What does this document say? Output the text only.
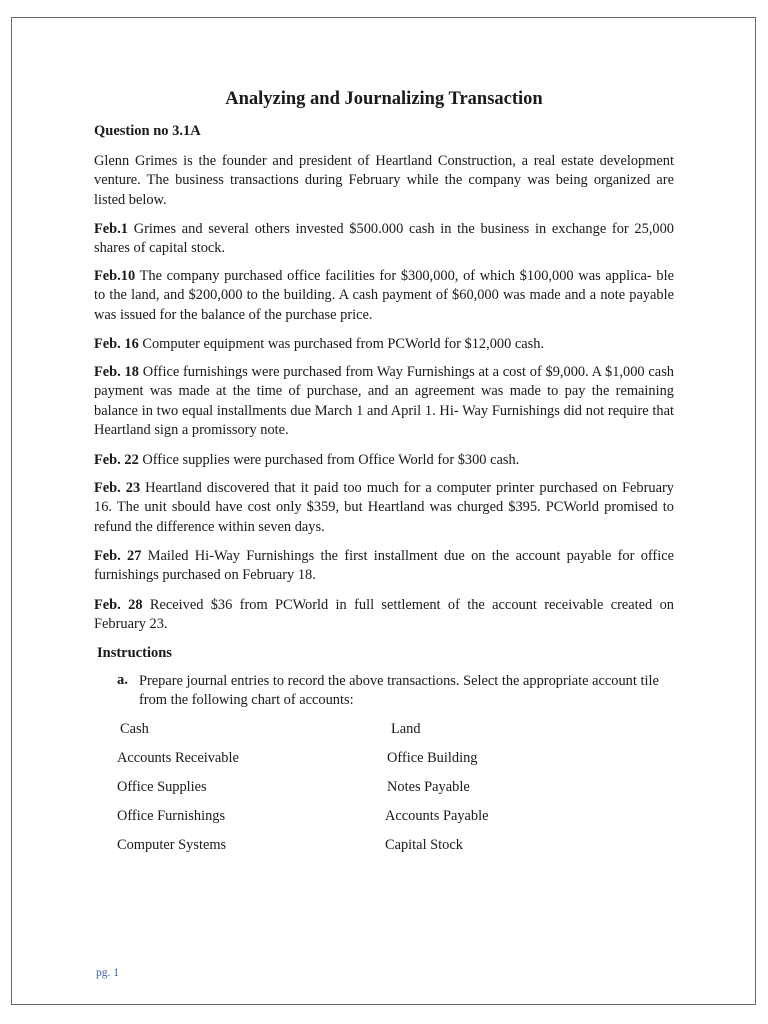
Analyzing and Journalizing Transaction
Question no 3.1A
Glenn Grimes is the founder and president of Heartland Construction, a real estate development venture. The business transactions during February while the company was being organized are listed below.
Feb.1 Grimes and several others invested $500.000 cash in the business in exchange for 25,000 shares of capital stock.
Feb.10 The company purchased office facilities for $300,000, of which $100,000 was applica- ble to the land, and $200,000 to the building. A cash payment of $60,000 was made and a note payable was issued for the balance of the purchase price.
Feb. 16 Computer equipment was purchased from PCWorld for $12,000 cash.
Feb. 18 Office furnishings were purchased from Way Furnishings at a cost of $9,000. A $1,000 cash payment was made at the time of purchase, and an agreement was made to pay the remaining balance in two equal installments due March 1 and April 1. Hi- Way Furnishings did not require that Heartland sign a promissory note.
Feb. 22 Office supplies were purchased from Office World for $300 cash.
Feb. 23 Heartland discovered that it paid too much for a computer printer purchased on February 16. The unit sbould have cost only $359, but Heartland was churged $395. PCWorld promised to refund the difference within seven days.
Feb. 27 Mailed Hi-Way Furnishings the first installment due on the account payable for office furnishings purchased on February 18.
Feb. 28 Received $36 from PCWorld in full settlement of the account receivable created on February 23.
Instructions
a. Prepare journal entries to record the above transactions. Select the appropriate account tile from the following chart of accounts:
Cash
Accounts Receivable
Office Supplies
Office Furnishings
Computer Systems
Land
Office Building
Notes Payable
Accounts Payable
Capital Stock
pg. 1
